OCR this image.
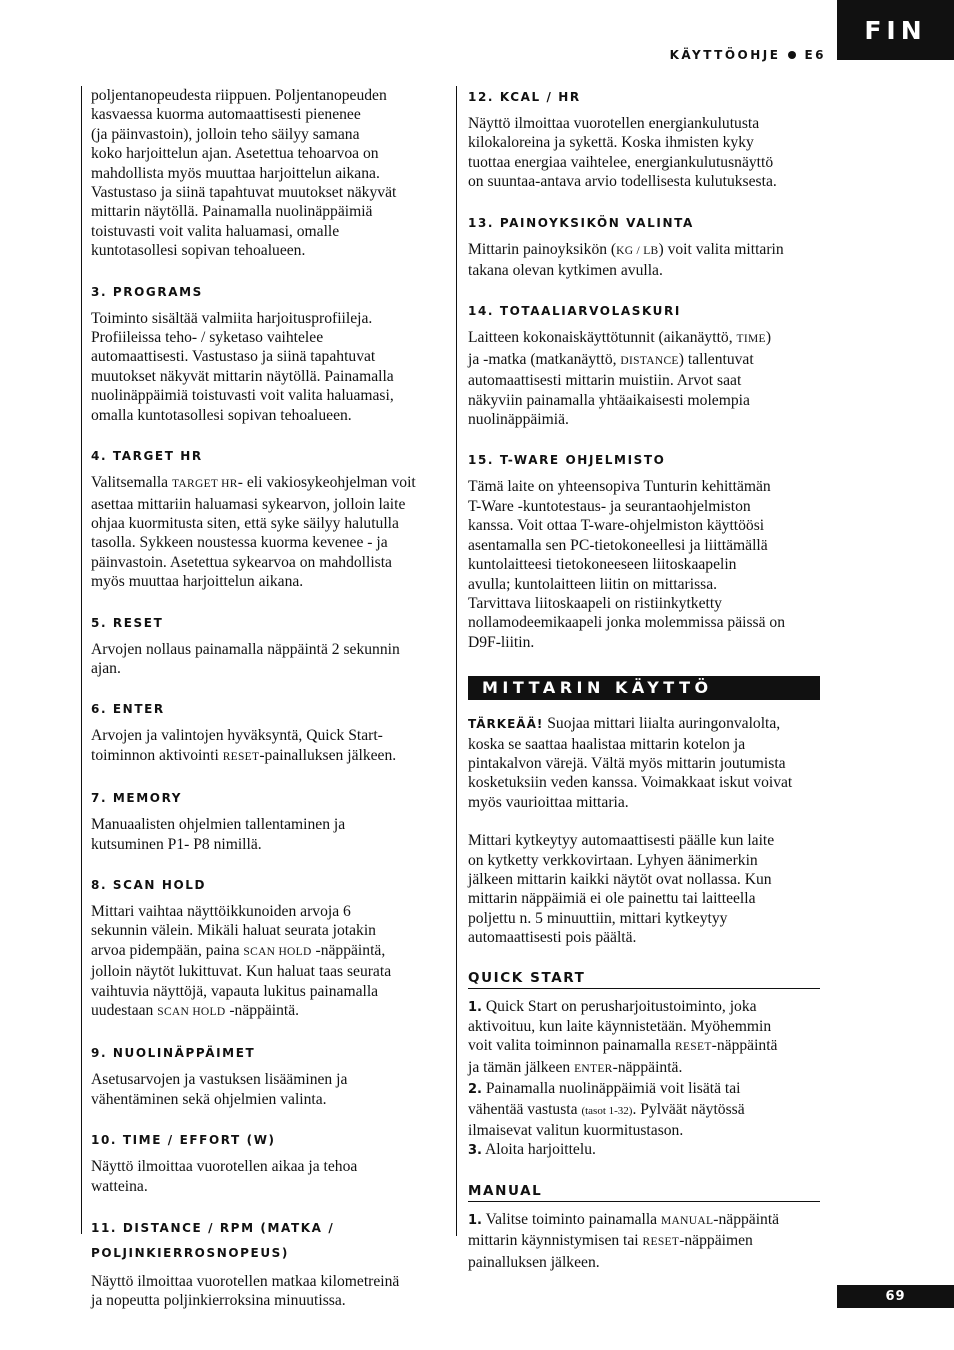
FIN
KÄYTTÖOHJE E6

poljentanopeudesta riippuen. Poljentanopeuden
kasvaessa kuorma automaattisesti pienenee
(ja päinvastoin), jolloin teho säilyy samana
koko harjoittelun ajan. Asetettua tehoarvoa on
mahdollista myös muuttaa harjoittelun aikana.
Vastustaso ja siinä tapahtuvat muutokset näkyvät
mittarin näytöllä. Painamalla nuolinäppäimiä
toistuvasti voit valita haluamasi, omalle
kuntotasollesi sopivan tehoalueen.

3. PROGRAMS

Toiminto sisältää valmiita harjoitusprofiileja.
Profiileissa teho- / syketaso vaihtelee
automaattisesti. Vastustaso ja siinä tapahtuvat
muutokset näkyvät mittarin näytöllä. Painamalla
nuolinäppäimiä toistuvasti voit valita haluamasi,
omalla kuntotasollesi sopivan tehoalueen.

4. TARGET HR

Valitsemalla TARGET HR- eli vakiosykeohjelman voit
asettaa mittariin haluamasi sykearvon, jolloin laite
ohjaa kuormitusta siten, että syke säilyy halutulla
tasolla. Sykkeen noustessa kuorma kevenee - ja
päinvastoin. Asetettua sykearvoa on mahdollista
myös muuttaa harjoittelun aikana.

5. RESET

Arvojen nollaus painamalla näppäintä 2 sekunnin
ajan.

6. ENTER

Arvojen ja valintojen hyväksyntä, Quick Start-
toiminnon aktivointi RESET-painalluksen jälkeen.

7. MEMORY

Manuaalisten ohjelmien tallentaminen ja
kutsuminen P1- P8 nimillä.

8. SCAN HOLD

Mittari vaihtaa näyttöikkunoiden arvoja 6
sekunnin välein. Mikäli haluat seurata jotakin
arvoa pidempään, paina SCAN HOLD -näppäintä,
jolloin näytöt lukittuvat. Kun haluat taas seurata
vaihtuvia näyttöjä, vapauta lukitus painamalla
uudestaan SCAN HOLD -näppäintä.

9. NUOLINÄPPÄIMET

Asetusarvojen ja vastuksen lisääminen ja
vähentäminen sekä ohjelmien valinta.

10. TIME / EFFORT (W)

Näyttö ilmoittaa vuorotellen aikaa ja tehoa
watteina.

11. DISTANCE / RPM (MATKA /
POLJINKIERROSNOPEUS)

Näyttö ilmoittaa vuorotellen matkaa kilometreinä
ja nopeutta poljinkierroksina minuutissa.

12. KCAL / HR

Näyttö ilmoittaa vuorotellen energiankulutusta
kilokaloreina ja sykettä. Koska ihmisten kyky
tuottaa energiaa vaihtelee, energiankulutusnäyttö
on suuntaa-antava arvio todellisesta kulutuksesta.

13. PAINOYKSIKÖN VALINTA

Mittarin painoyksikön (KG / LB) voit valita mittarin
takana olevan kytkimen avulla.

14. TOTAALIARVOLASKURI

Laitteen kokonaiskäyttötunnit (aikanäyttö, TIME)
ja -matka (matkanäyttö, DISTANCE) tallentuvat
automaattisesti mittarin muistiin. Arvot saat
näkyviin painamalla yhtäaikaisesti molempia
nuolinäppäimiä.

15. T-WARE OHJELMISTO

Tämä laite on yhteensopiva Tunturin kehittämän
T-Ware -kuntotestaus- ja seurantaohjelmiston
kanssa. Voit ottaa T-ware-ohjelmiston käyttöösi
asentamalla sen PC-tietokoneellesi ja liittämällä
kuntolaitteesi tietokoneeseen liitoskaapelin
avulla; kuntolaitteen liitin on mittarissa.
Tarvittava liitoskaapeli on ristiinkytketty
nollamodeemikaapeli jonka molemmissa päissä on
D9F-liitin.

MITTARIN KÄYTTÖ

TÄRKEÄÄ! Suojaa mittari liialta auringonvalolta,
koska se saattaa haalistaa mittarin kotelon ja
pintakalvon värejä. Vältä myös mittarin joutumista
kosketuksiin veden kanssa. Voimakkaat iskut voivat
myös vaurioittaa mittaria.

Mittari kytkeytyy automaattisesti päälle kun laite
on kytketty verkkovirtaan. Lyhyen äänimerkin
jälkeen mittarin kaikki näytöt ovat nollassa. Kun
mittarin näppäimiä ei ole painettu tai laitteella
poljettu n. 5 minuuttiin, mittari kytkeytyy
automaattisesti pois päältä.

QUICK START

1. Quick Start on perusharjoitustoiminto, joka
aktivoituu, kun laite käynnistetään. Myöhemmin
voit valita toiminnon painamalla RESET-näppäintä
ja tämän jälkeen ENTER-näppäintä.
2. Painamalla nuolinäppäimiä voit lisätä tai
vähentää vastusta (tasot 1-32). Pylväät näytössä
ilmaisevat valitun kuormitustason.
3. Aloita harjoittelu.

MANUAL

1. Valitse toiminto painamalla MANUAL-näppäintä
mittarin käynnistymisen tai RESET-näppäimen
painalluksen jälkeen.

69
